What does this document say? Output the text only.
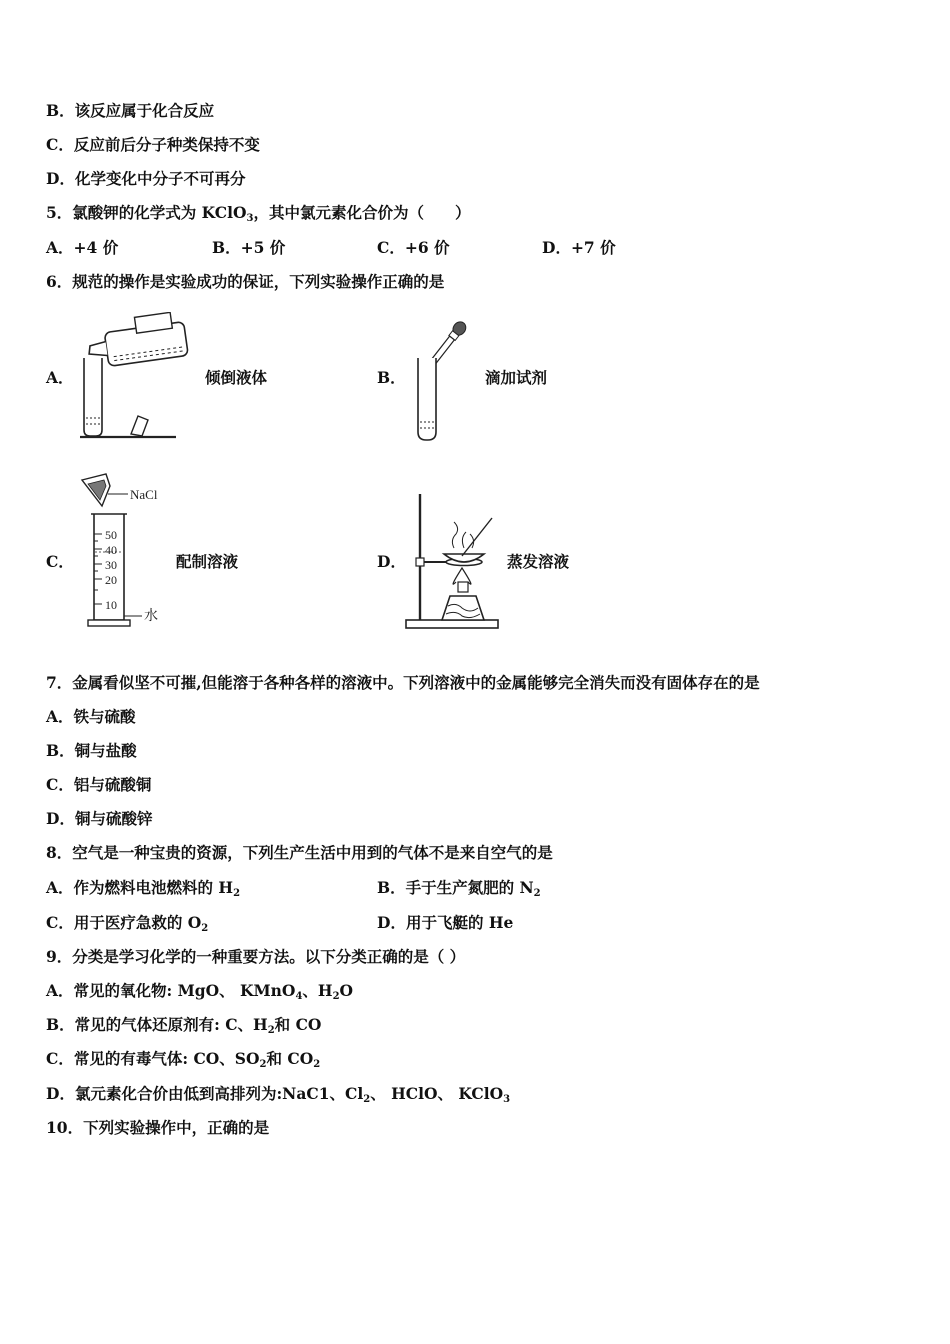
B．该反应属于化合反应
C．反应前后分子种类保持不变
D．化学变化中分子不可再分
5．氯酸钾的化学式为 KClO$_3$，其中氯元素化合价为（　　）
A．+4 价	B．+5 价	C．+6 价	D．+7 价
6．规范的操作是实验成功的保证，下列实验操作正确的是
A．	倾倒液体	B．	滴加试剂
C．
NaCl
50
40
30
20
10
水
配制溶液	D．	蒸发溶液
7．金属看似坚不可摧,但能溶于各种各样的溶液中。下列溶液中的金属能够完全消失而没有固体存在的是
A．铁与硫酸
B．铜与盐酸
C．铝与硫酸铜
D．铜与硫酸锌
8．空气是一种宝贵的资源，下列生产生活中用到的气体不是来自空气的是
A．作为燃料电池燃料的 $H_2$	B．手于生产氮肥的 $N_2$
C．用于医疗急救的 $O_2$	D．用于飞艇的 He
9．分类是学习化学的一种重要方法。以下分类正确的是（ ）
A．常见的氧化物: MgO、 KMnO$_4$、$H_2O$
B．常见的气体还原剂有: C、$H_2$和 CO
C．常见的有毒气体: CO、$SO_2$和 $CO_2$
D．氯元素化合价由低到高排列为:NaC1、$Cl_2$、 HClO、 KClO$_3$
10．下列实验操作中，正确的是
